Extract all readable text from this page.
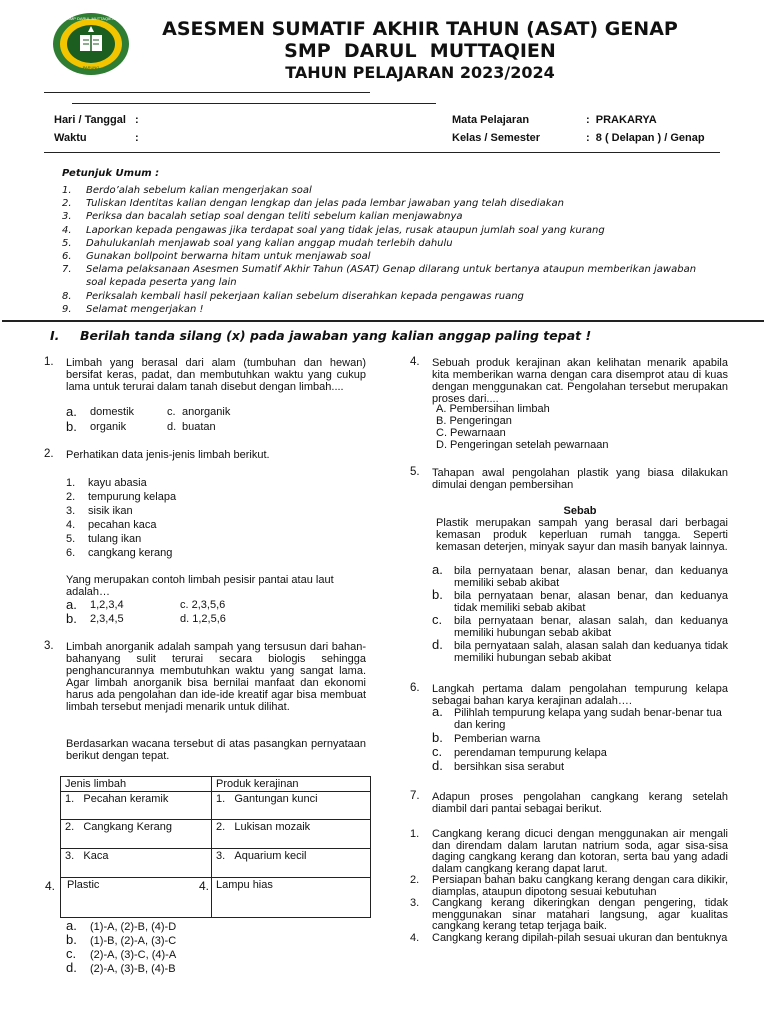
SMP DARUL MUTTAQIEN
PARUNG
ASESMEN SUMATIF AKHIR TAHUN (ASAT) GENAP
SMP  DARUL  MUTTAQIEN
TAHUN PELAJARAN 2023/2024
Hari / Tanggal :
Waktu	:
Mata Pelajaran	:  PRAKARYA
Kelas / Semester	:  8 ( Delapan ) / Genap
Petunjuk Umum :
1. Berdo’alah sebelum kalian mengerjakan soal
2. Tuliskan Identitas kalian dengan lengkap dan jelas pada lembar jawaban yang telah disediakan
3. Periksa dan bacalah setiap soal dengan teliti sebelum kalian menjawabnya
4. Laporkan kepada pengawas jika terdapat soal yang tidak jelas, rusak ataupun jumlah soal yang kurang
5. Dahulukanlah menjawab soal yang kalian anggap mudah terlebih dahulu
6. Gunakan bollpoint berwarna hitam untuk menjawab soal
7. Selama pelaksanaan Asesmen Sumatif Akhir Tahun (ASAT) Genap dilarang untuk bertanya ataupun memberikan jawaban soal kepada peserta yang lain
8. Periksalah kembali hasil pekerjaan kalian sebelum diserahkan kepada pengawas ruang
9. Selamat mengerjakan !
I. Berilah tanda silang (x) pada jawaban yang kalian anggap paling tepat !
1. Limbah yang berasal dari alam (tumbuhan dan hewan) bersifat keras, padat, dan membutuhkan waktu yang cukup lama untuk terurai dalam tanah disebut dengan limbah....
a. domestik	c. anorganik
b. organik	d. buatan
2. Perhatikan data jenis-jenis limbah berikut.
1. kayu abasia
2. tempurung kelapa
3. sisik ikan
4. pecahan kaca
5. tulang ikan
6. cangkang kerang
Yang merupakan contoh limbah pesisir pantai atau laut adalah…
a. 1,2,3,4	c. 2,3,5,6
b. 2,3,4,5	d. 1,2,5,6
3. Limbah anorganik adalah sampah yang tersusun dari bahan-bahanyang sulit terurai secara biologis sehingga penghancurannya membutuhkan waktu yang sangat lama. Agar limbah anorganik bisa bernilai manfaat dan ekonomi harus ada pengolahan dan ide-ide kreatif agar bisa membuat limbah tersebut menjadi menarik untuk dilihat.
Berdasarkan wacana tersebut di atas pasangkan pernyataan berikut dengan tepat.
Jenis limbah	Produk kerajinan
1. Pecahan keramik	1. Gantungan kunci
2. Cangkang Kerang	2. Lukisan mozaik
3. Kaca	3. Aquarium kecil

4. Plastic 4.	Lampu hias
a. (1)-A, (2)-B, (4)-D
b. (1)-B, (2)-A, (3)-C
c. (2)-A, (3)-C, (4)-A
d. (2)-A, (3)-B, (4)-B
4. Sebuah produk kerajinan akan kelihatan menarik apabila kita memberikan warna dengan cara disemprot atau di kuas dengan menggunakan cat. Pengolahan tersebut merupakan proses dari....
A. Pembersihan limbah
B. Pengeringan
C. Pewarnaan
D. Pengeringan setelah pewarnaan
5. Tahapan awal pengolahan plastik yang biasa dilakukan dimulai dengan pembersihan
Sebab
Plastik merupakan sampah yang berasal dari berbagai kemasan produk keperluan rumah tangga. Seperti kemasan deterjen, minyak sayur dan masih banyak lainnya.
a. bila pernyataan benar, alasan benar, dan keduanya memiliki sebab akibat
b. bila pernyataan benar, alasan benar, dan keduanya tidak memiliki sebab akibat
c. bila pernyataan benar, alasan salah, dan keduanya memiliki hubungan sebab akibat
d. bila pernyataan salah, alasan salah dan keduanya tidak memiliki hubungan sebab akibat
6. Langkah pertama dalam pengolahan tempurung kelapa sebagai bahan karya kerajinan adalah….
a. Pilihlah tempurung kelapa yang sudah benar-benar tua dan kering
b. Pemberian warna
c. perendaman tempurung kelapa
d. bersihkan sisa serabut
7. Adapun proses pengolahan cangkang kerang setelah diambil dari pantai sebagai berikut.
1. Cangkang kerang dicuci dengan menggunakan air mengali dan direndam dalam larutan natrium soda, agar sisa-sisa daging cangkang kerang dan kotoran, serta bau yang adadi dalam cangkang kerang dapat larut.
2. Persiapan bahan baku cangkang kerang dengan cara dikikir, diamplas, ataupun dipotong sesuai kebutuhan
3. Cangkang kerang dikeringkan dengan pengering, tidak menggunakan sinar matahari langsung, agar kualitas cangkang kerang tetap terjaga baik.
4. Cangkang kerang dipilah-pilah sesuai ukuran dan bentuknya
